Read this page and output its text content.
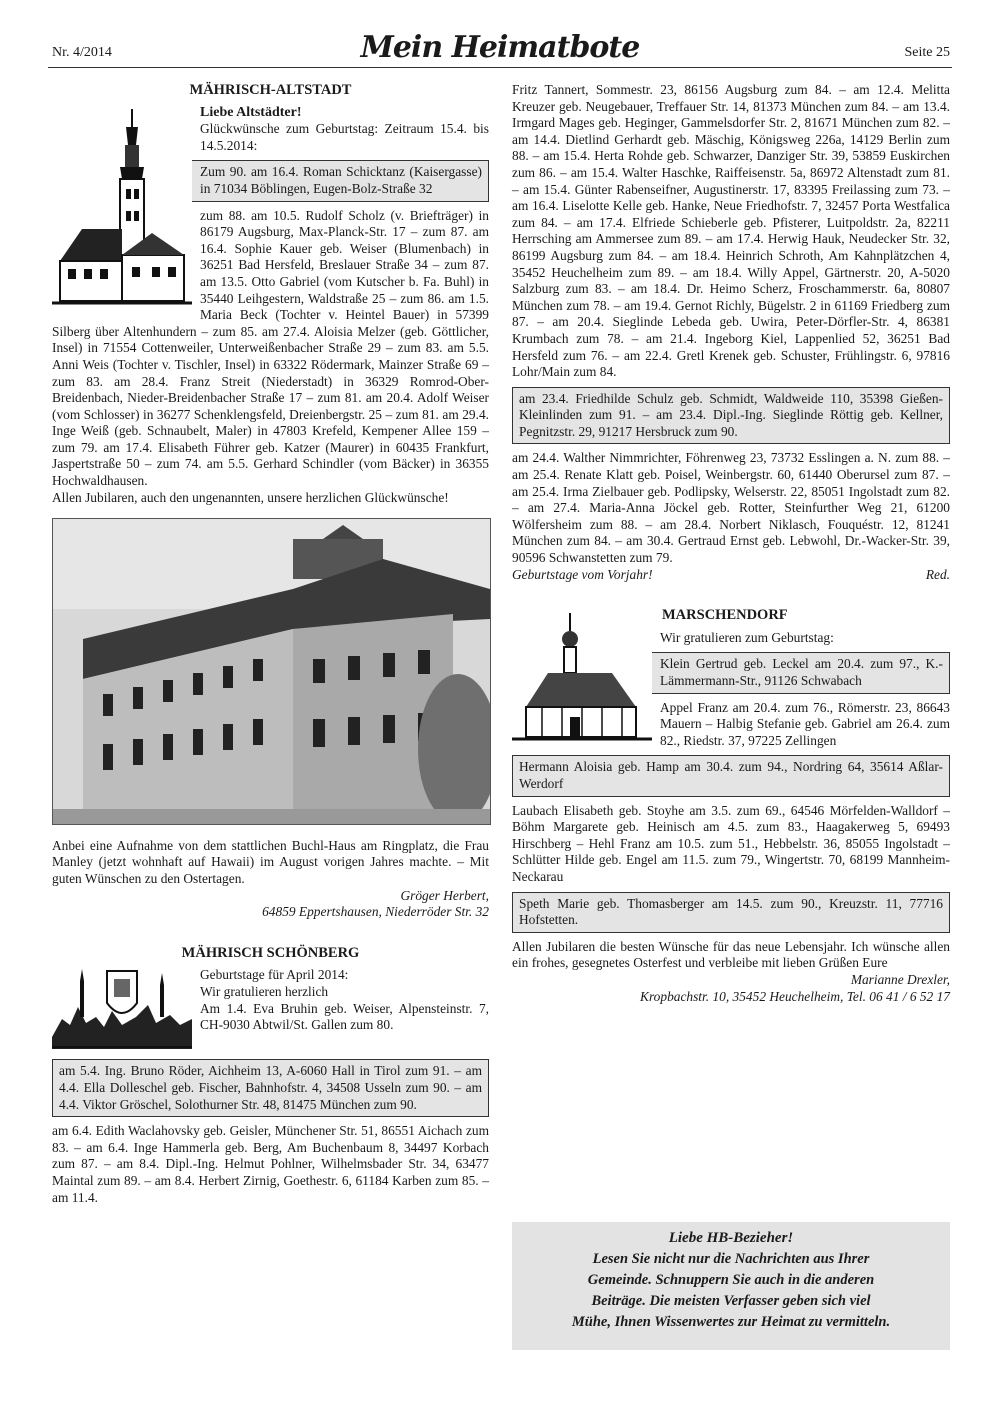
Nr. 4/2014	Mein Heimatbote	Seite 25
MÄHRISCH-ALTSTADT

Liebe Altstädter!

Glückwünsche zum Geburtstag: Zeitraum 15.4. bis 14.5.2014:

Zum 90. am 16.4. Roman Schicktanz (Kaisergasse) in 71034 Böblingen, Eugen-Bolz-Straße 32

zum 88. am 10.5. Rudolf Scholz (v. Briefträger) in 86179 Augsburg, Max-Planck-Str. 17 – zum 87. am 16.4. Sophie Kauer geb. Weiser (Blumenbach) in 36251 Bad Hersfeld, Breslauer Straße 34 – zum 87. am 13.5. Otto Gabriel (vom Kutscher b. Fa. Buhl) in 35440 Leihgestern, Waldstraße 25 – zum 86. am 1.5. Maria Beck (Tochter v. Heintel Bauer) in 57399 Silberg über Altenhundern – zum 85. am 27.4. Aloisia Melzer (geb. Göttlicher, Insel) in 71554 Cottenweiler, Unterweißenbacher Straße 29 – zum 83. am 5.5. Anni Weis (Tochter v. Tischler, Insel) in 63322 Rödermark, Mainzer Straße 69 – zum 83. am 28.4. Franz Streit (Niederstadt) in 36329 Romrod-Ober-Breidenbach, Nieder-Breidenbacher Straße 17 – zum 81. am 20.4. Adolf Weiser (vom Schlosser) in 36277 Schenklengsfeld, Dreienbergstr. 25 – zum 81. am 29.4. Inge Weiß (geb. Schnaubelt, Maler) in 47803 Krefeld, Kempener Allee 159 – zum 79. am 17.4. Elisabeth Führer geb. Katzer (Maurer) in 60435 Frankfurt, Jaspertstraße 50 – zum 74. am 5.5. Gerhard Schindler (vom Bäcker) in 36355 Hochwaldhausen.

Allen Jubilaren, auch den ungenannten, unsere herzlichen Glückwünsche!

Anbei eine Aufnahme von dem stattlichen Buchl-Haus am Ringplatz, die Frau Manley (jetzt wohnhaft auf Hawaii) im August vorigen Jahres machte. – Mit guten Wünschen zu den Ostertagen.

Gröger Herbert,

64859 Eppertshausen, Niederröder Str. 32

MÄHRISCH SCHÖNBERG

Geburtstage für April 2014:

Wir gratulieren herzlich

Am 1.4. Eva Bruhin geb. Weiser, Alpensteinstr. 7, CH-9030 Abtwil/St. Gallen zum 80.

am 5.4. Ing. Bruno Röder, Aichheim 13, A-6060 Hall in Tirol zum 91. – am 4.4. Ella Dolleschel geb. Fischer, Bahnhofstr. 4, 34508 Usseln zum 90. – am 4.4. Viktor Gröschel, Solothurner Str. 48, 81475 München zum 90.

am 6.4. Edith Waclahovsky geb. Geisler, Münchener Str. 51, 86551 Aichach zum 83. – am 6.4. Inge Hammerla geb. Berg, Am Buchenbaum 8, 34497 Korbach zum 87. – am 8.4. Dipl.-Ing. Helmut Pohlner, Wilhelmsbader Str. 34, 63477 Maintal zum 89. – am 8.4. Herbert Zirnig, Goethestr. 6, 61184 Karben zum 85. – am 11.4.

Fritz Tannert, Sommestr. 23, 86156 Augsburg zum 84. – am 12.4. Melitta Kreuzer geb. Neugebauer, Treffauer Str. 14, 81373 München zum 84. – am 13.4. Irmgard Mages geb. Heginger, Gammelsdorfer Str. 2, 81671 München zum 82. – am 14.4. Dietlind Gerhardt geb. Mäschig, Königsweg 226a, 14129 Berlin zum 88. – am 15.4. Herta Rohde geb. Schwarzer, Danziger Str. 39, 53859 Euskirchen zum 86. – am 15.4. Walter Haschke, Raiffeisenstr. 5a, 86972 Altenstadt zum 81. – am 15.4. Günter Rabenseifner, Augustinerstr. 17, 83395 Freilassing zum 73. – am 16.4. Liselotte Kelle geb. Hanke, Neue Friedhofstr. 7, 32457 Porta Westfalica zum 84. – am 17.4. Elfriede Schieberle geb. Pfisterer, Luitpoldstr. 2a, 82211 Herrsching am Ammersee zum 89. – am 17.4. Herwig Hauk, Neudecker Str. 32, 86199 Augsburg zum 84. – am 18.4. Heinrich Schroth, Am Kahnplätzchen 4, 35452 Heuchelheim zum 89. – am 18.4. Willy Appel, Gärtnerstr. 20, A-5020 Salzburg zum 83. – am 18.4. Dr. Heimo Scherz, Froschammerstr. 6a, 80807 München zum 78. – am 19.4. Gernot Richly, Bügelstr. 2 in 61169 Friedberg zum 87. – am 20.4. Sieglinde Lebeda geb. Uwira, Peter-Dörfler-Str. 4, 86381 Krumbach zum 78. – am 21.4. Ingeborg Kiel, Lappenlied 52, 36251 Bad Hersfeld zum 76. – am 22.4. Gretl Krenek geb. Schuster, Frühlingstr. 6, 97816 Lohr/Main zum 84.

am 23.4. Friedhilde Schulz geb. Schmidt, Waldweide 110, 35398 Gießen-Kleinlinden zum 91. – am 23.4. Dipl.-Ing. Sieglinde Röttig geb. Kellner, Pegnitzstr. 29, 91217 Hersbruck zum 90.

am 24.4. Walther Nimmrichter, Föhrenweg 23, 73732 Esslingen a. N. zum 88. – am 25.4. Renate Klatt geb. Poisel, Weinbergstr. 60, 61440 Oberursel zum 87. – am 25.4. Irma Zielbauer geb. Podlipsky, Welserstr. 22, 85051 Ingolstadt zum 82. – am 27.4. Maria-Anna Jöckel geb. Rotter, Steinfurther Weg 21, 61200 Wölfersheim zum 88. – am 28.4. Norbert Niklasch, Fouquéstr. 12, 81241 München zum 84. – am 30.4. Gertraud Ernst geb. Lebwohl, Dr.-Wacker-Str. 39, 90596 Schwanstetten zum 79.

Geburtstage vom Vorjahr!	Red.

MARSCHENDORF

Wir gratulieren zum Geburtstag:

Klein Gertrud geb. Leckel am 20.4. zum 97., K.-Lämmermann-Str., 91126 Schwabach

Appel Franz am 20.4. zum 76., Römerstr. 23, 86643 Mauern – Halbig Stefanie geb. Gabriel am 26.4. zum 82., Riedstr. 37, 97225 Zellingen

Hermann Aloisia geb. Hamp am 30.4. zum 94., Nordring 64, 35614 Aßlar-Werdorf

Laubach Elisabeth geb. Stoyhe am 3.5. zum 69., 64546 Mörfelden-Walldorf – Böhm Margarete geb. Heinisch am 4.5. zum 83., Haagakerweg 5, 69493 Hirschberg – Hehl Franz am 10.5. zum 51., Hebbelstr. 36, 85055 Ingolstadt – Schlütter Hilde geb. Engel am 11.5. zum 79., Wingertstr. 70, 68199 Mannheim-Neckarau

Speth Marie geb. Thomasberger am 14.5. zum 90., Kreuzstr. 11, 77716 Hofstetten.

Allen Jubilaren die besten Wünsche für das neue Lebensjahr. Ich wünsche allen ein frohes, gesegnetes Osterfest und verbleibe mit lieben Grüßen Eure

Marianne Drexler,

Kropbachstr. 10, 35452 Heuchelheim, Tel. 06 41 / 6 52 17

Liebe HB-Bezieher!
Lesen Sie nicht nur die Nachrichten aus Ihrer
Gemeinde. Schnuppern Sie auch in die anderen
Beiträge. Die meisten Verfasser geben sich viel
Mühe, Ihnen Wissenwertes zur Heimat zu vermitteln.
